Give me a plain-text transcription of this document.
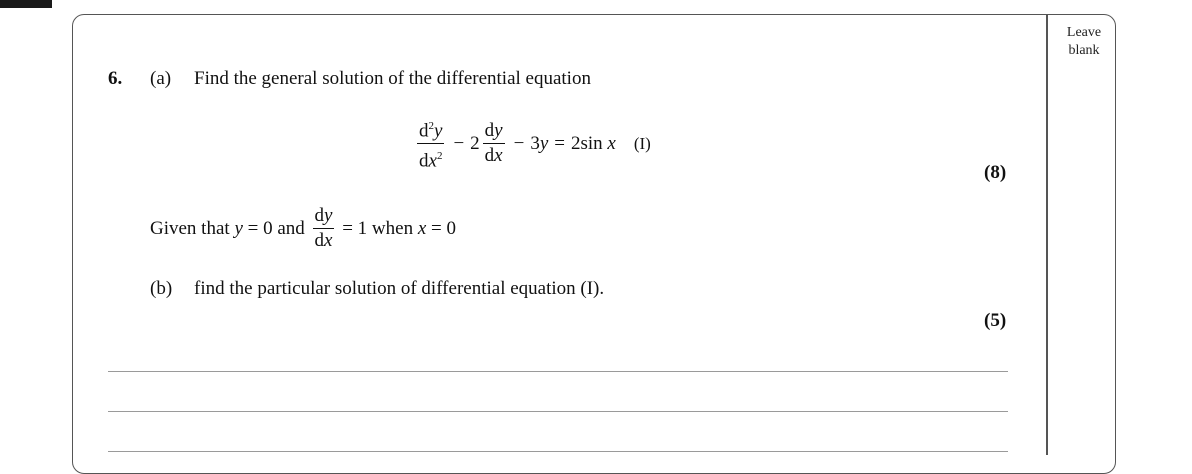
Leave
blank
6. (a) Find the general solution of the differential equation
$\frac{d^2y}{dx^2} - 2 \frac{dy}{dx} - 3y = 2\sin$ x (I)
(8)
Given that
y
= 0 and
$\frac{dy}{dx}$
= 1 when
x
= 0
(b) find the particular solution of differential equation (I).
(5)
